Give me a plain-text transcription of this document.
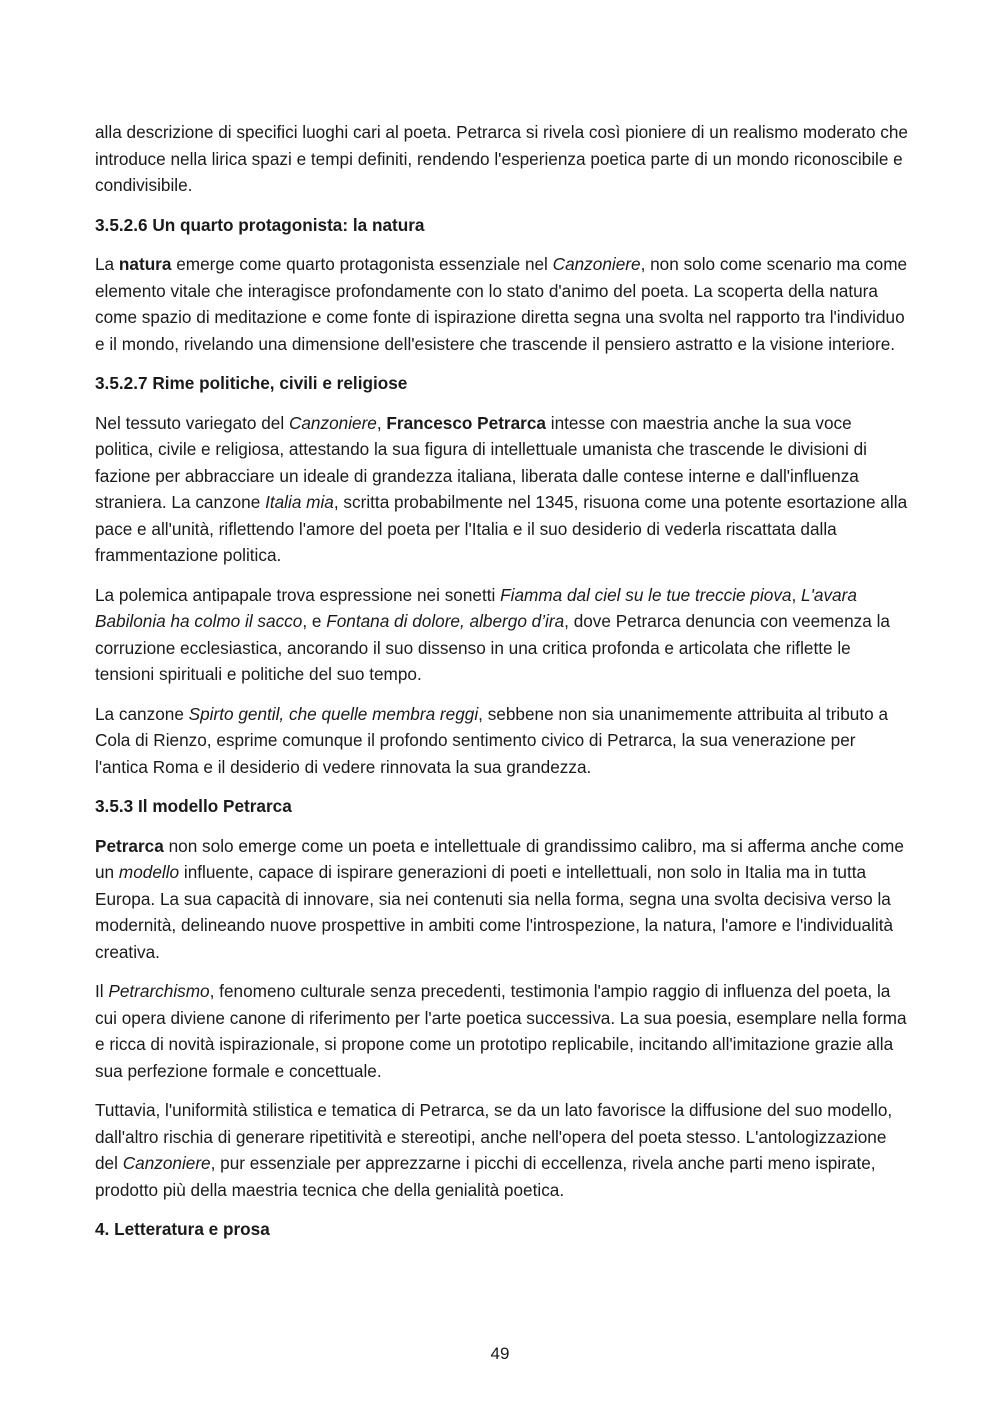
alla descrizione di specifici luoghi cari al poeta. Petrarca si rivela così pioniere di un realismo moderato che introduce nella lirica spazi e tempi definiti, rendendo l'esperienza poetica parte di un mondo riconoscibile e condivisibile.

3.5.2.6 Un quarto protagonista: la natura

La natura emerge come quarto protagonista essenziale nel Canzoniere, non solo come scenario ma come elemento vitale che interagisce profondamente con lo stato d'animo del poeta. La scoperta della natura come spazio di meditazione e come fonte di ispirazione diretta segna una svolta nel rapporto tra l'individuo e il mondo, rivelando una dimensione dell'esistere che trascende il pensiero astratto e la visione interiore.

3.5.2.7 Rime politiche, civili e religiose

Nel tessuto variegato del Canzoniere, Francesco Petrarca intesse con maestria anche la sua voce politica, civile e religiosa, attestando la sua figura di intellettuale umanista che trascende le divisioni di fazione per abbracciare un ideale di grandezza italiana, liberata dalle contese interne e dall'influenza straniera. La canzone Italia mia, scritta probabilmente nel 1345, risuona come una potente esortazione alla pace e all'unità, riflettendo l'amore del poeta per l'Italia e il suo desiderio di vederla riscattata dalla frammentazione politica.

La polemica antipapale trova espressione nei sonetti Fiamma dal ciel su le tue treccie piova, L'avara Babilonia ha colmo il sacco, e Fontana di dolore, albergo d’ira, dove Petrarca denuncia con veemenza la corruzione ecclesiastica, ancorando il suo dissenso in una critica profonda e articolata che riflette le tensioni spirituali e politiche del suo tempo.

La canzone Spirto gentil, che quelle membra reggi, sebbene non sia unanimemente attribuita al tributo a Cola di Rienzo, esprime comunque il profondo sentimento civico di Petrarca, la sua venerazione per l'antica Roma e il desiderio di vedere rinnovata la sua grandezza.

3.5.3 Il modello Petrarca

Petrarca non solo emerge come un poeta e intellettuale di grandissimo calibro, ma si afferma anche come un modello influente, capace di ispirare generazioni di poeti e intellettuali, non solo in Italia ma in tutta Europa. La sua capacità di innovare, sia nei contenuti sia nella forma, segna una svolta decisiva verso la modernità, delineando nuove prospettive in ambiti come l'introspezione, la natura, l'amore e l'individualità creativa.

Il Petrarchismo, fenomeno culturale senza precedenti, testimonia l'ampio raggio di influenza del poeta, la cui opera diviene canone di riferimento per l'arte poetica successiva. La sua poesia, esemplare nella forma e ricca di novità ispirazionale, si propone come un prototipo replicabile, incitando all'imitazione grazie alla sua perfezione formale e concettuale.

Tuttavia, l'uniformità stilistica e tematica di Petrarca, se da un lato favorisce la diffusione del suo modello, dall'altro rischia di generare ripetitività e stereotipi, anche nell'opera del poeta stesso. L'antologizzazione del Canzoniere, pur essenziale per apprezzarne i picchi di eccellenza, rivela anche parti meno ispirate, prodotto più della maestria tecnica che della genialità poetica.

4. Letteratura e prosa
49
